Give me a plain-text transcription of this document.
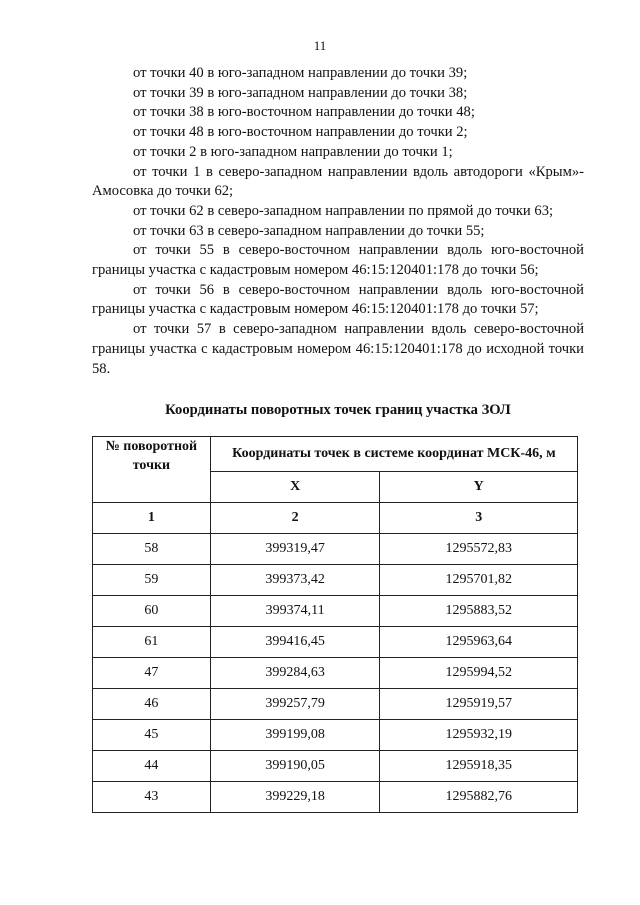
11

от точки 40 в юго-западном направлении до точки 39;

от точки 39 в юго-западном направлении до точки 38;

от точки 38 в юго-восточном направлении до точки 48;

от точки 48 в юго-восточном направлении до точки 2;

от точки 2 в юго-западном направлении до точки 1;

от точки 1 в северо-западном направлении вдоль автодороги «Крым»-Амосовка до точки 62;

от точки 62 в северо-западном направлении по прямой до точки 63;

от точки 63 в северо-западном направлении до точки 55;

от точки 55 в северо-восточном направлении вдоль юго-восточной границы участка с кадастровым номером 46:15:120401:178 до точки 56;

от точки 56 в северо-восточном направлении вдоль юго-восточной границы участка с кадастровым номером 46:15:120401:178 до точки 57;

от точки 57 в северо-западном направлении вдоль северо-восточной границы участка с кадастровым номером 46:15:120401:178 до исходной точки 58.

Координаты поворотных точек границ участка ЗОЛ
№ поворотной точки	Координаты точек в системе координат МСК-46, м	
	X	Y
1	2	3
58	399319,47	1295572,83
59	399373,42	1295701,82
60	399374,11	1295883,52
61	399416,45	1295963,64
47	399284,63	1295994,52
46	399257,79	1295919,57
45	399199,08	1295932,19
44	399190,05	1295918,35
43	399229,18	1295882,76
